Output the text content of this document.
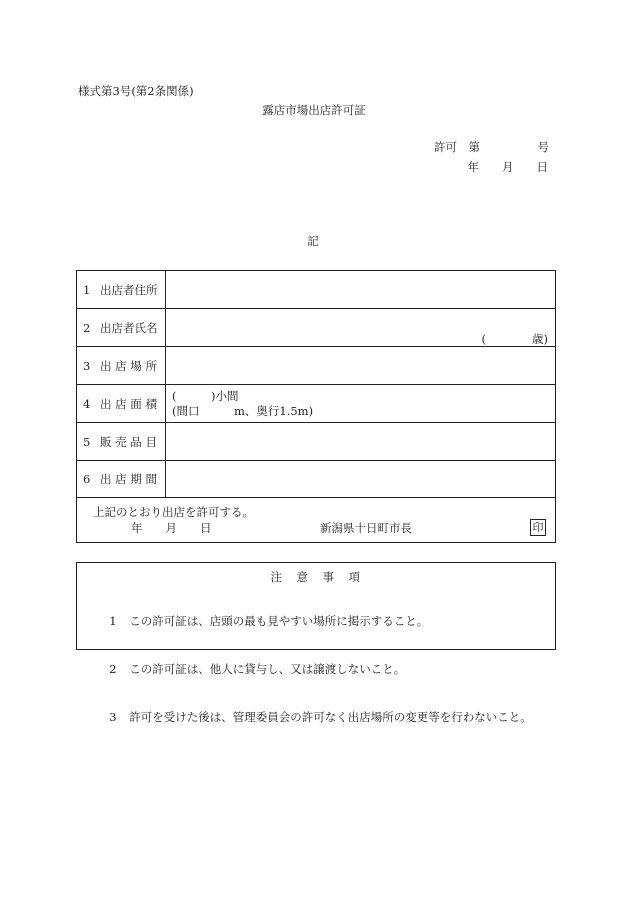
様式第3号(第2条関係)
露店市場出店許可証
許可　第　　　　　号
年　　月　　日
記
1 出店者住所
2 出店者氏名
(　　　　歳)
3 出 店 場 所
4 出 店 面 積
(　　　)小間
(間口　　　m、奥行1.5m)
5 販 売 品 目
6 出 店 期 間
上記のとおり出店を許可する。
年　　月　　日	新潟県十日町市長	印
注　意　事　項

1 この許可証は、店頭の最も見やすい場所に掲示すること。

2 この許可証は、他人に貸与し、又は譲渡しないこと。

3 許可を受けた後は、管理委員会の許可なく出店場所の変更等を行わないこと。
